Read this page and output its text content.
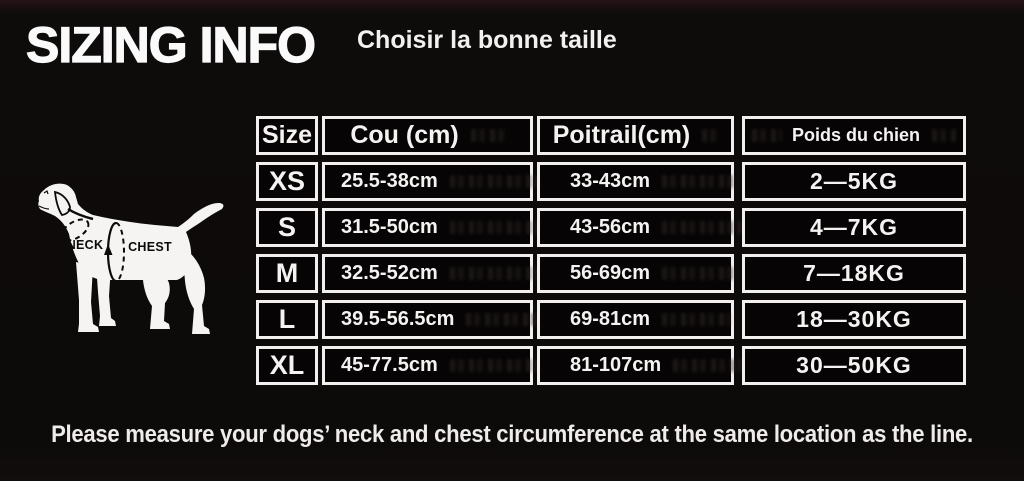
SIZING INFO Choisir la bonne taille
NECK CHEST
Size Cou (cm)	Poitrail(cm)	Poids du chien
XS 25.5-38cm	33-43cm	2—5KG
S 31.5-50cm	43-56cm	4—7KG
M 32.5-52cm	56-69cm	7—18KG
L 39.5-56.5cm	69-81cm	18—30KG
XL 45-77.5cm	81-107cm	30—50KG
Please measure your dogs’ neck and chest circumference at the same location as the line.
